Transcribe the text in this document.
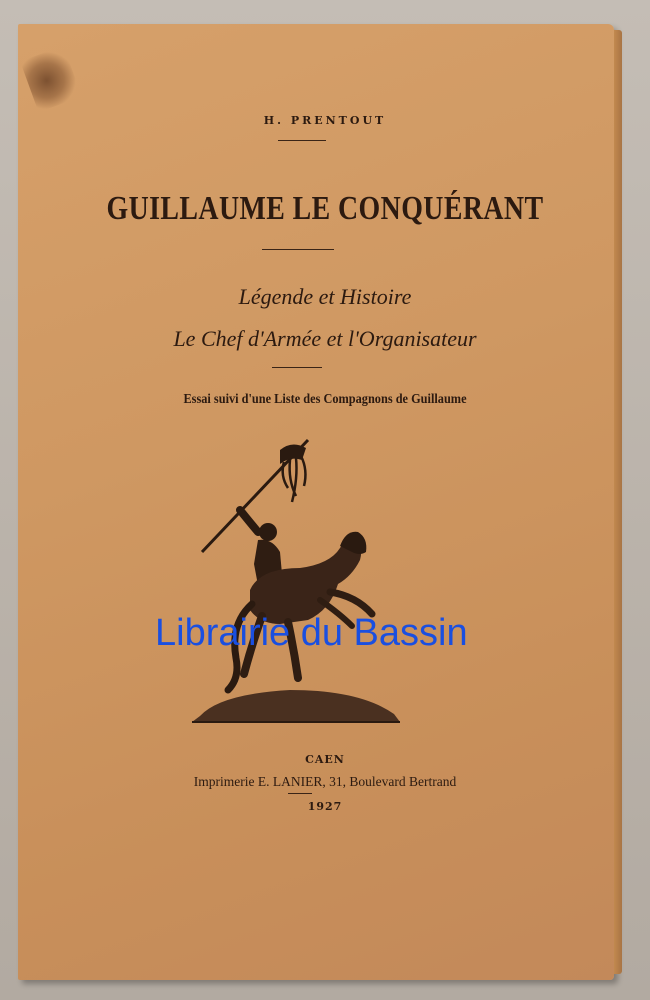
H. PRENTOUT
GUILLAUME LE CONQUÉRANT
Légende et Histoire
Le Chef d'Armée et l'Organisateur
Essai suivi d'une Liste des Compagnons de Guillaume
Librairie du Bassin
CAEN
Imprimerie E. LANIER, 31, Boulevard Bertrand
1927
